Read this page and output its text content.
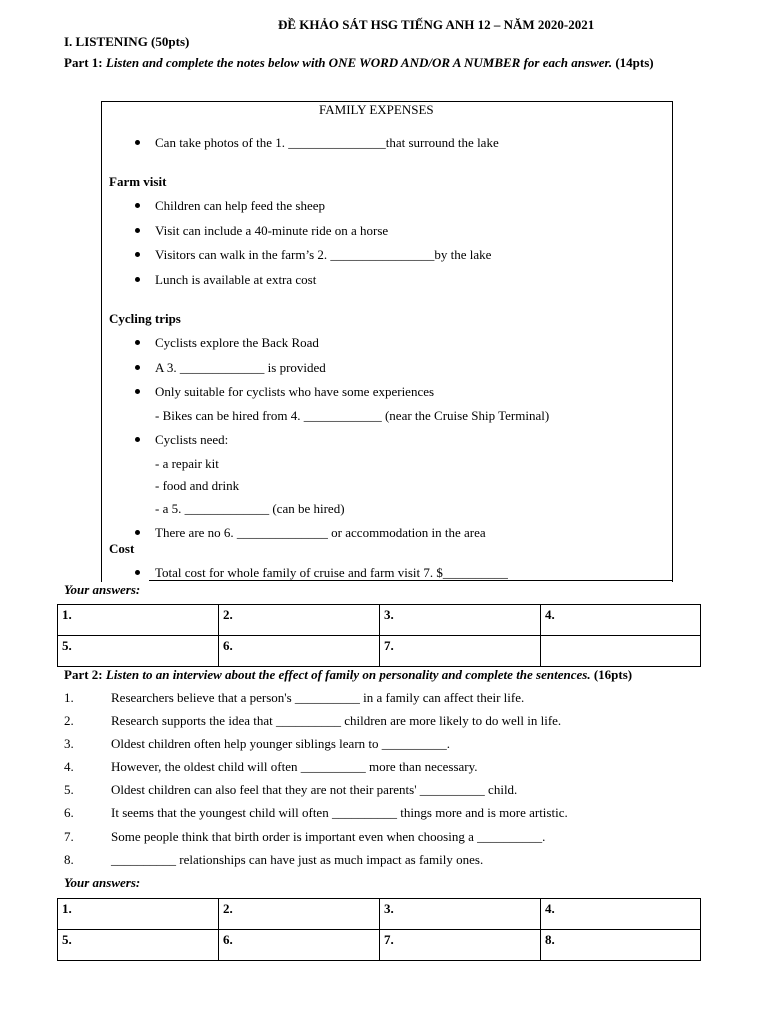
ĐỀ KHẢO SÁT HSG TIẾNG ANH 12 – NĂM 2020-2021
I. LISTENING (50pts)
Part 1: Listen and complete the notes below with ONE WORD AND/OR A NUMBER for each answer. (14pts)
FAMILY EXPENSES
Can take photos of the 1. _______________that surround the lake
Farm visit
Children can help feed the sheep
Visit can include a 40-minute ride on a horse
Visitors can walk in the farm’s 2. ________________by the lake
Lunch is available at extra cost
Cycling trips
Cyclists explore the Back Road
A 3. _____________ is provided
Only suitable for cyclists who have some experiences
- Bikes can be hired from 4. ____________ (near the Cruise Ship Terminal)
Cyclists need:
- a repair kit
- food and drink
- a 5. _____________ (can be hired)
There are no 6. ______________ or accommodation in the area
Cost
Total cost for whole family of cruise and farm visit 7. $__________
Your answers:
1.	2.	3.	4.
5.	6.	7.	
Part 2: Listen to an interview about the effect of family on personality and complete the sentences. (16pts)
1.	Researchers believe that a person's __________ in a family can affect their life.
2.	Research supports the idea that __________ children are more likely to do well in life.
3.	Oldest children often help younger siblings learn to __________.
4.	However, the oldest child will often __________ more than necessary.
5.	Oldest children can also feel that they are not their parents' __________ child.
6.	It seems that the youngest child will often __________ things more and is more artistic.
7.	Some people think that birth order is important even when choosing a __________.
8.	__________ relationships can have just as much impact as family ones.
Your answers:
1.	2.	3.	4.
5.	6.	7.	8.
